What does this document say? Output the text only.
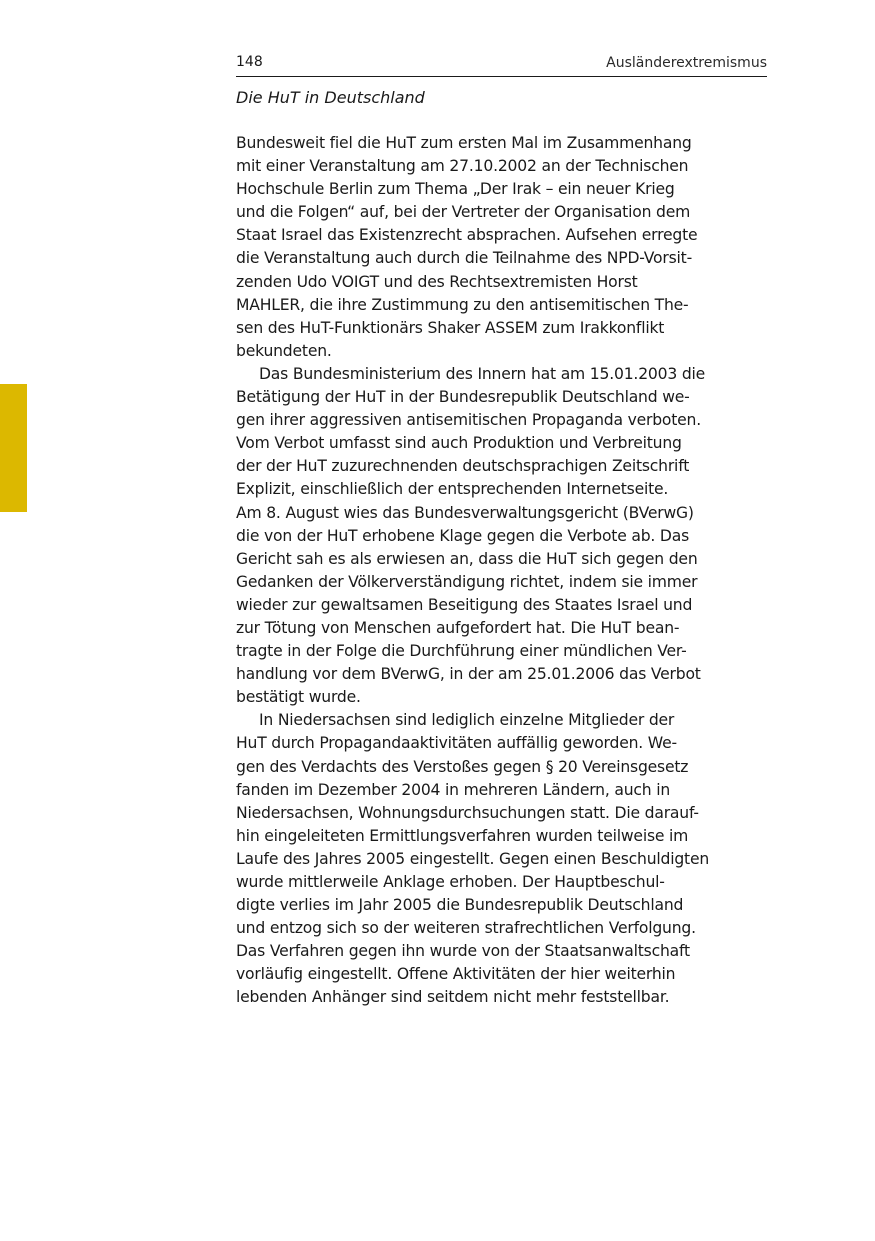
148	Ausländerextremismus
Die HuT in Deutschland
Bundesweit fiel die HuT zum ersten Mal im Zusammenhang
mit einer Veranstaltung am 27.10.2002 an der Technischen
Hochschule Berlin zum Thema „Der Irak – ein neuer Krieg
und die Folgen“ auf, bei der Vertreter der Organisation dem
Staat Israel das Existenzrecht absprachen. Aufsehen erregte
die Veranstaltung auch durch die Teilnahme des NPD-Vorsit-
zenden Udo VOIGT und des Rechtsextremisten Horst
MAHLER, die ihre Zustimmung zu den antisemitischen The-
sen des HuT-Funktionärs Shaker ASSEM zum Irakkonflikt
bekundeten.
Das Bundesministerium des Innern hat am 15.01.2003 die
Betätigung der HuT in der Bundesrepublik Deutschland we-
gen ihrer aggressiven antisemitischen Propaganda verboten.
Vom Verbot umfasst sind auch Produktion und Verbreitung
der der HuT zuzurechnenden deutschsprachigen Zeitschrift
Explizit, einschließlich der entsprechenden Internetseite.
Am 8. August wies das Bundesverwaltungsgericht (BVerwG)
die von der HuT erhobene Klage gegen die Verbote ab. Das
Gericht sah es als erwiesen an, dass die HuT sich gegen den
Gedanken der Völkerverständigung richtet, indem sie immer
wieder zur gewaltsamen Beseitigung des Staates Israel und
zur Tötung von Menschen aufgefordert hat. Die HuT bean-
tragte in der Folge die Durchführung einer mündlichen Ver-
handlung vor dem BVerwG, in der am 25.01.2006 das Verbot
bestätigt wurde.
In Niedersachsen sind lediglich einzelne Mitglieder der
HuT durch Propagandaaktivitäten auffällig geworden. We-
gen des Verdachts des Verstoßes gegen § 20 Vereinsgesetz
fanden im Dezember 2004 in mehreren Ländern, auch in
Niedersachsen, Wohnungsdurchsuchungen statt. Die darauf-
hin eingeleiteten Ermittlungsverfahren wurden teilweise im
Laufe des Jahres 2005 eingestellt. Gegen einen Beschuldigten
wurde mittlerweile Anklage erhoben. Der Hauptbeschul-
digte verlies im Jahr 2005 die Bundesrepublik Deutschland
und entzog sich so der weiteren strafrechtlichen Verfolgung.
Das Verfahren gegen ihn wurde von der Staatsanwaltschaft
vorläufig eingestellt. Offene Aktivitäten der hier weiterhin
lebenden Anhänger sind seitdem nicht mehr feststellbar.
